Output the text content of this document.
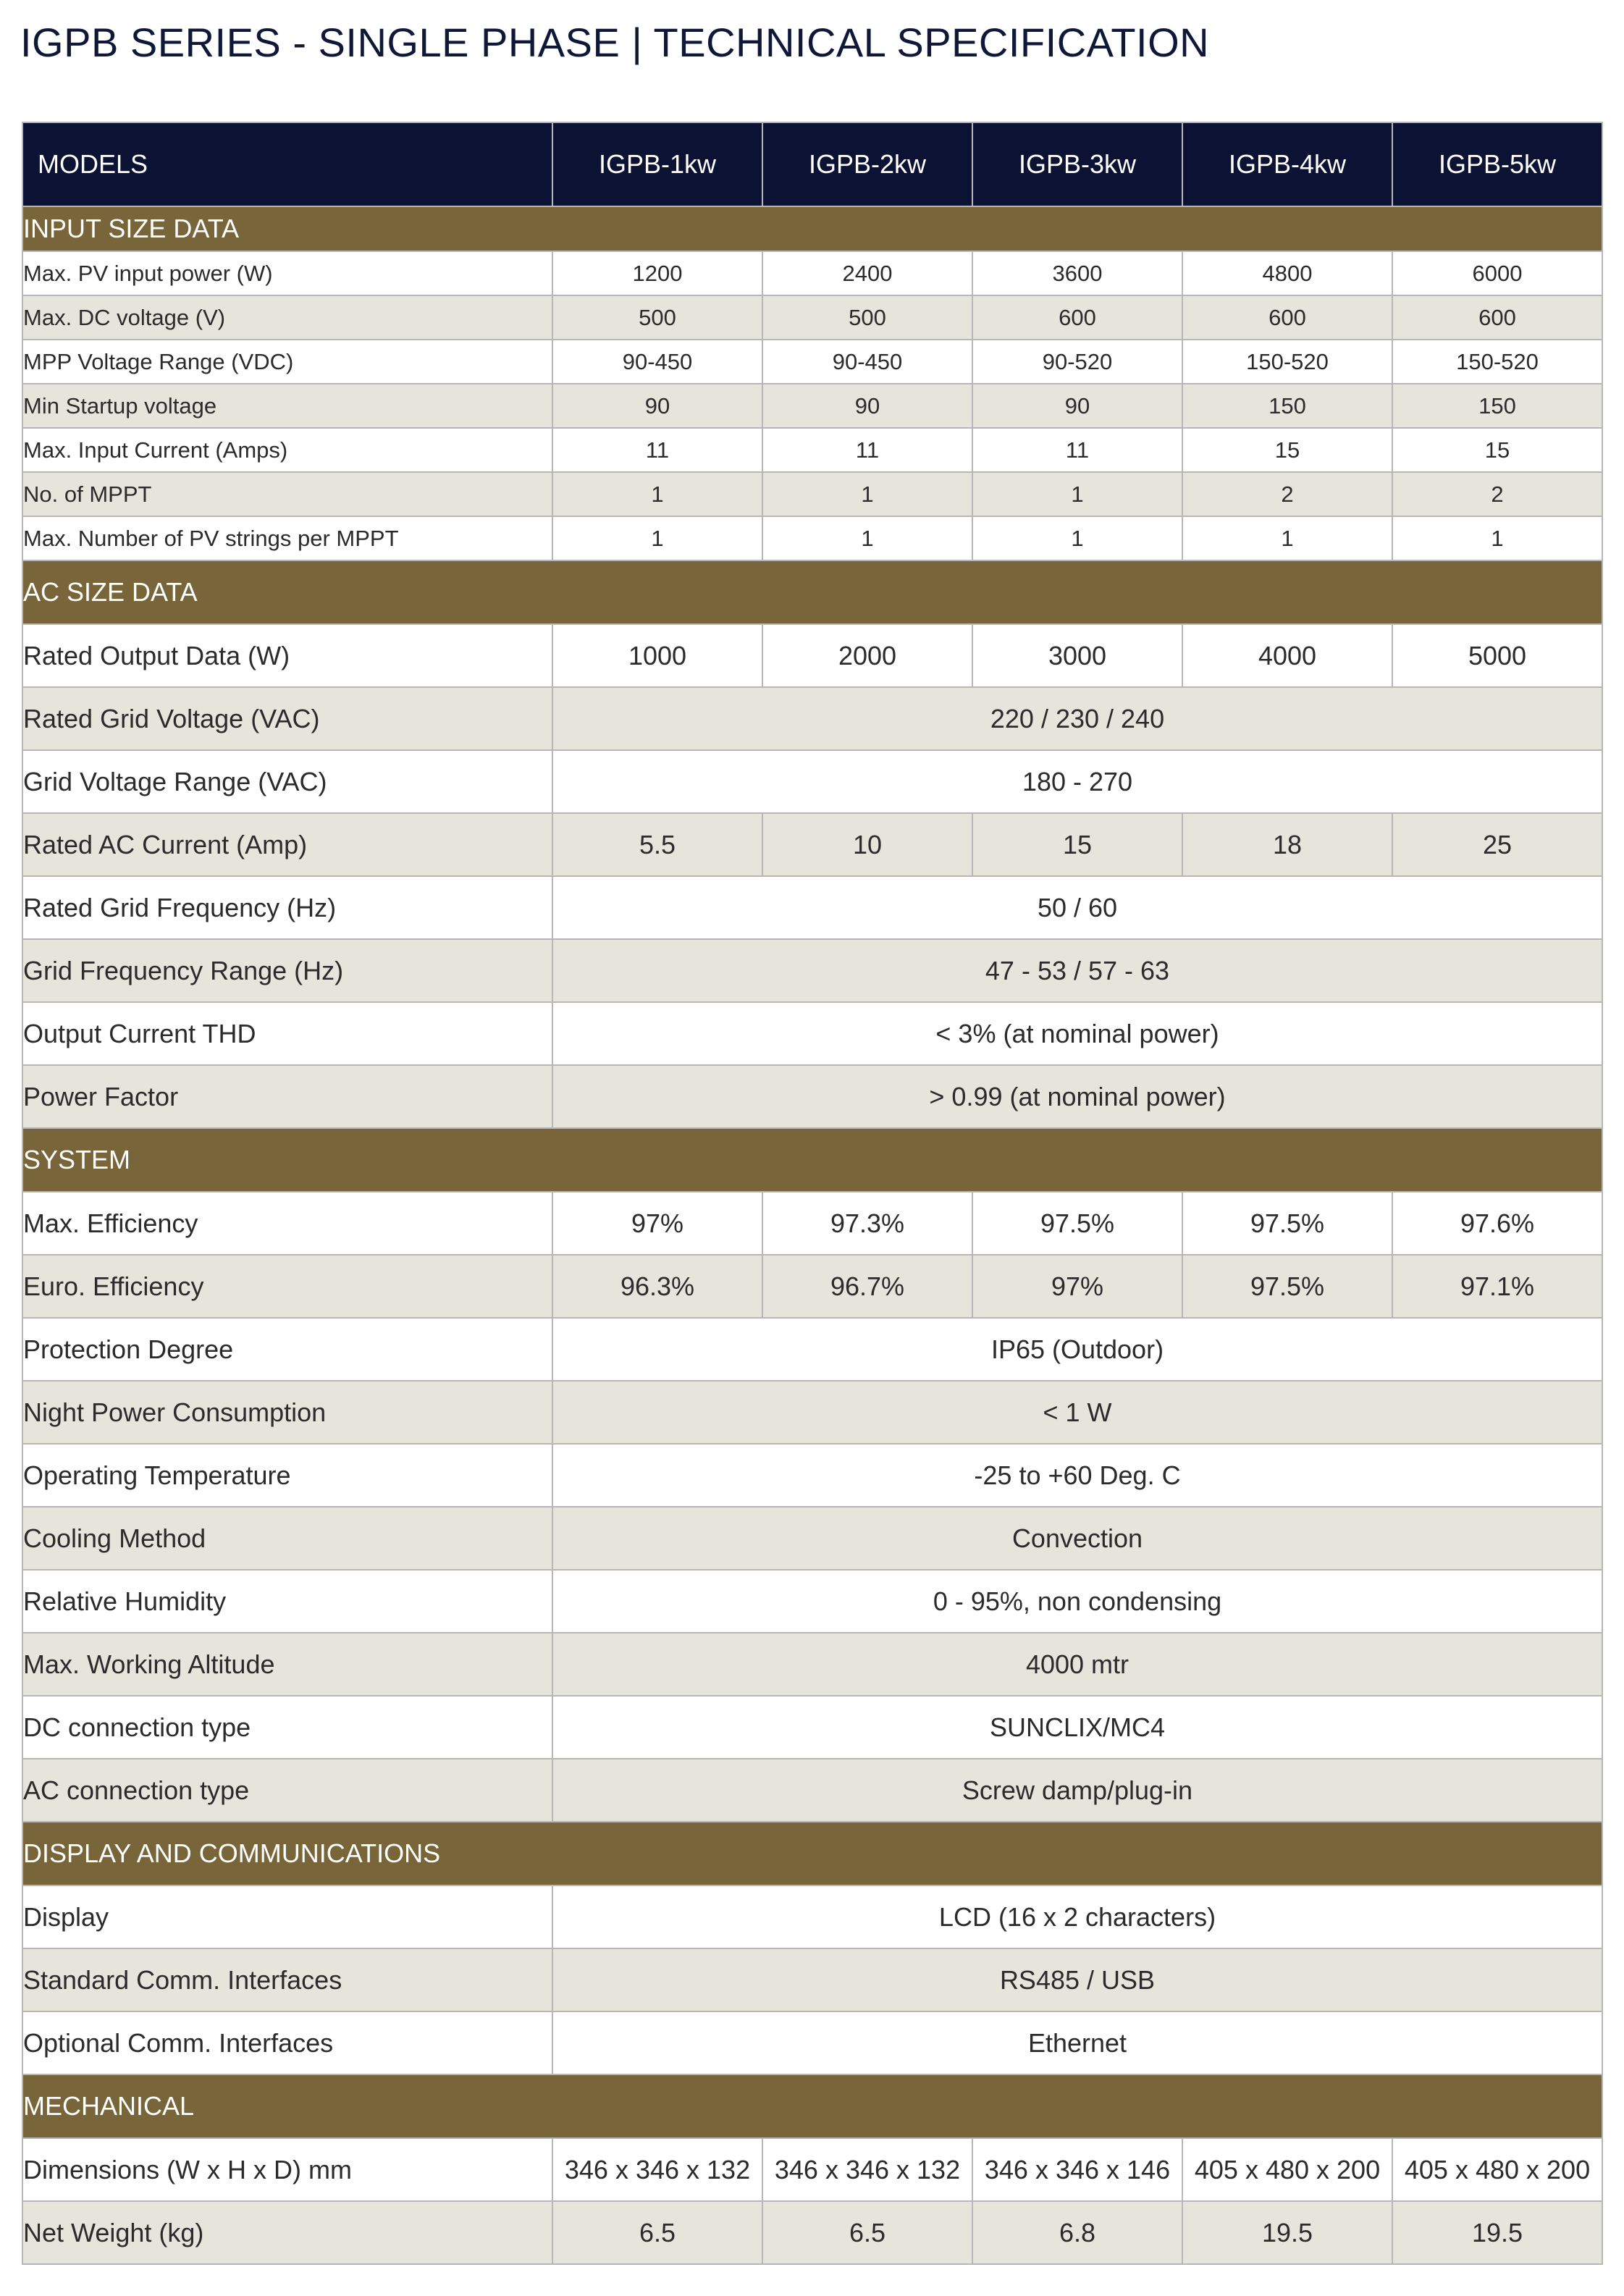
IGPB SERIES - SINGLE PHASE | TECHNICAL SPECIFICATION
MODELS	IGPB-1kw	IGPB-2kw	IGPB-3kw	IGPB-4kw	IGPB-5kw
INPUT SIZE DATA					
Max. PV input power (W)	1200	2400	3600	4800	6000
Max. DC voltage (V)	500	500	600	600	600
MPP Voltage Range (VDC)	90-450	90-450	90-520	150-520	150-520
Min Startup voltage	90	90	90	150	150
Max. Input Current (Amps)	11	11	11	15	15
No. of MPPT	1	1	1	2	2
Max. Number of PV strings per MPPT	1	1	1	1	1
AC SIZE DATA					
Rated Output Data (W)	1000	2000	3000	4000	5000
Rated Grid Voltage (VAC)	220 / 230 / 240				
Grid Voltage Range (VAC)	180 - 270				
Rated AC Current (Amp)	5.5	10	15	18	25
Rated Grid Frequency (Hz)	50 / 60				
Grid Frequency Range (Hz)	47 - 53 / 57 - 63				
Output Current THD	< 3% (at nominal power)				
Power Factor	> 0.99 (at nominal power)				
SYSTEM					
Max. Efficiency	97%	97.3%	97.5%	97.5%	97.6%
Euro. Efficiency	96.3%	96.7%	97%	97.5%	97.1%
Protection Degree	IP65 (Outdoor)				
Night Power Consumption	< 1 W				
Operating Temperature	-25 to +60 Deg. C				
Cooling Method	Convection				
Relative Humidity	0 - 95%, non condensing				
Max. Working Altitude	4000 mtr				
DC connection type	SUNCLIX/MC4				
AC connection type	Screw damp/plug-in				
DISPLAY AND COMMUNICATIONS					
Display	LCD (16 x 2 characters)				
Standard Comm. Interfaces	RS485 / USB				
Optional Comm. Interfaces	Ethernet				
MECHANICAL					
Dimensions (W x H x D) mm	346 x 346 x 132	346 x 346 x 132	346 x 346 x 146	405 x 480 x 200	405 x 480 x 200
Net Weight (kg)	6.5	6.5	6.8	19.5	19.5
